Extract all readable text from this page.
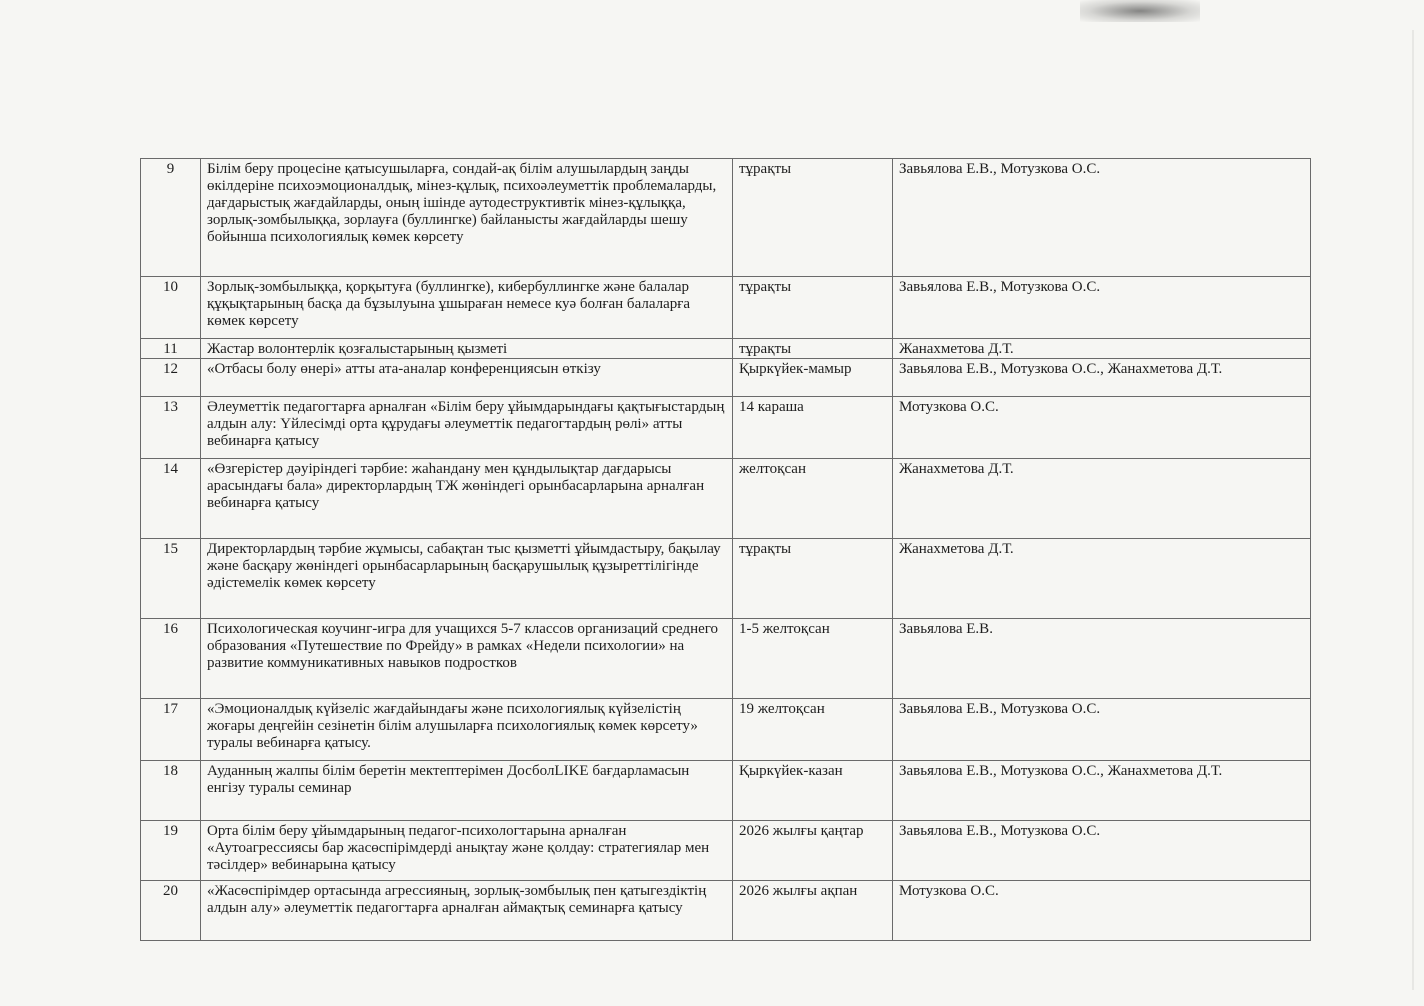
9	Білім беру процесіне қатысушыларға, сондай-ақ білім алушылардың заңды өкілдеріне психоэмоционалдық, мінез-құлық, психоәлеуметтік проблемаларды, дағдарыстық жағдайларды, оның ішінде аутодеструктивтік мінез-құлыққа, зорлық-зомбылыққа, зорлауға (буллингке) байланысты жағдайларды шешу бойынша психологиялық көмек көрсету	тұрақты	Завьялова Е.В., Мотузкова О.С.
10	Зорлық-зомбылыққа, қорқытуға (буллингке), кибербуллингке және балалар құқықтарының басқа да бұзылуына ұшыраған немесе куә болған балаларға көмек көрсету	тұрақты	Завьялова Е.В., Мотузкова О.С.
11	Жастар волонтерлік қозғалыстарының қызметі	тұрақты	Жанахметова Д.Т.
12	«Отбасы болу өнері» атты ата-аналар конференциясын өткізу	Қыркүйек-мамыр	Завьялова Е.В., Мотузкова О.С., Жанахметова Д.Т.
13	Әлеуметтік педагогтарға арналған «Білім беру ұйымдарындағы қақтығыстардың алдын алу: Үйлесімді орта құрудағы әлеуметтік педагогтардың рөлі» атты вебинарға қатысу	14 караша	Мотузкова О.С.
14	«Өзгерістер дәуіріндегі тәрбие: жаһандану мен құндылықтар дағдарысы арасындағы бала» директорлардың ТЖ жөніндегі орынбасарларына арналған вебинарға қатысу	желтоқсан	Жанахметова Д.Т.
15	Директорлардың тәрбие жұмысы, сабақтан тыс қызметті ұйымдастыру, бақылау және басқару жөніндегі орынбасарларының басқарушылық құзыреттілігінде әдістемелік көмек көрсету	тұрақты	Жанахметова Д.Т.
16	Психологическая коучинг-игра для учащихся 5-7 классов организаций среднего образования «Путешествие по Фрейду» в рамках «Недели психологии» на развитие коммуникативных навыков подростков	1-5 желтоқсан	Завьялова Е.В.
17	«Эмоционалдық күйзеліс жағдайындағы және психологиялық күйзелістің жоғары деңгейін сезінетін білім алушыларға психологиялық көмек көрсету» туралы вебинарға қатысу.	19 желтоқсан	Завьялова Е.В., Мотузкова О.С.
18	Ауданның жалпы білім беретін мектептерімен ДосболLIKE бағдарламасын енгізу туралы семинар	Қыркүйек-казан	Завьялова Е.В., Мотузкова О.С., Жанахметова Д.Т.
19	Орта білім беру ұйымдарының педагог-психологтарына арналған «Аутоагрессиясы бар жасөспірімдерді анықтау және қолдау: стратегиялар мен тәсілдер» вебинарына қатысу	2026 жылғы қаңтар	Завьялова Е.В., Мотузкова О.С.
20	«Жасөспірімдер ортасында агрессияның, зорлық-зомбылық пен қатыгездіктің алдын алу» әлеуметтік педагогтарға арналған аймақтық семинарға қатысу	2026 жылғы ақпан	Мотузкова О.С.
